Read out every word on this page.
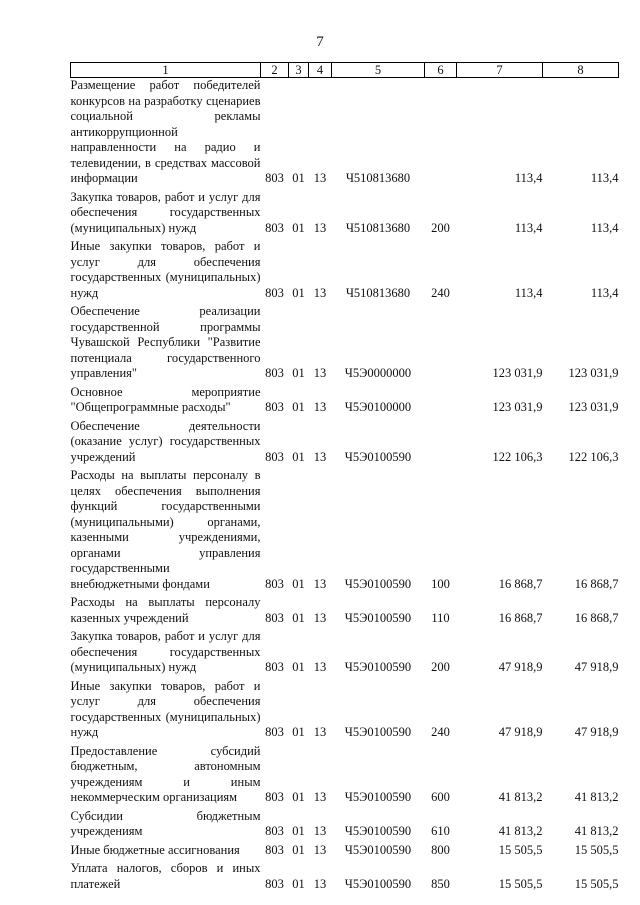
7
1	2	3	4	5	6	7	8
Размещение работ победителей конкурсов на разработку сценариев социальной рекламы антикоррупционной направленности на радио и телевидении, в средствах массовой информации	803	01	13	Ч510813680		113,4	113,4
Закупка товаров, работ и услуг для обеспечения государственных (муниципальных) нужд	803	01	13	Ч510813680	200	113,4	113,4
Иные закупки товаров, работ и услуг для обеспечения государственных (муниципальных) нужд	803	01	13	Ч510813680	240	113,4	113,4
Обеспечение реализации государственной программы Чувашской Республики "Развитие потенциала государственного управления"	803	01	13	Ч5Э0000000		123 031,9	123 031,9
Основное мероприятие "Общепрограммные расходы"	803	01	13	Ч5Э0100000		123 031,9	123 031,9
Обеспечение деятельности (оказание услуг) государственных учреждений	803	01	13	Ч5Э0100590		122 106,3	122 106,3
Расходы на выплаты персоналу в целях обеспечения выполнения функций государственными (муниципальными) органами, казенными учреждениями, органами управления государственными внебюджетными фондами	803	01	13	Ч5Э0100590	100	16 868,7	16 868,7
Расходы на выплаты персоналу казенных учреждений	803	01	13	Ч5Э0100590	110	16 868,7	16 868,7
Закупка товаров, работ и услуг для обеспечения государственных (муниципальных) нужд	803	01	13	Ч5Э0100590	200	47 918,9	47 918,9
Иные закупки товаров, работ и услуг для обеспечения государственных (муниципальных) нужд	803	01	13	Ч5Э0100590	240	47 918,9	47 918,9
Предоставление субсидий бюджетным, автономным учреждениям и иным некоммерческим организациям	803	01	13	Ч5Э0100590	600	41 813,2	41 813,2
Субсидии бюджетным учреждениям	803	01	13	Ч5Э0100590	610	41 813,2	41 813,2
Иные бюджетные ассигнования	803	01	13	Ч5Э0100590	800	15 505,5	15 505,5
Уплата налогов, сборов и иных платежей	803	01	13	Ч5Э0100590	850	15 505,5	15 505,5
